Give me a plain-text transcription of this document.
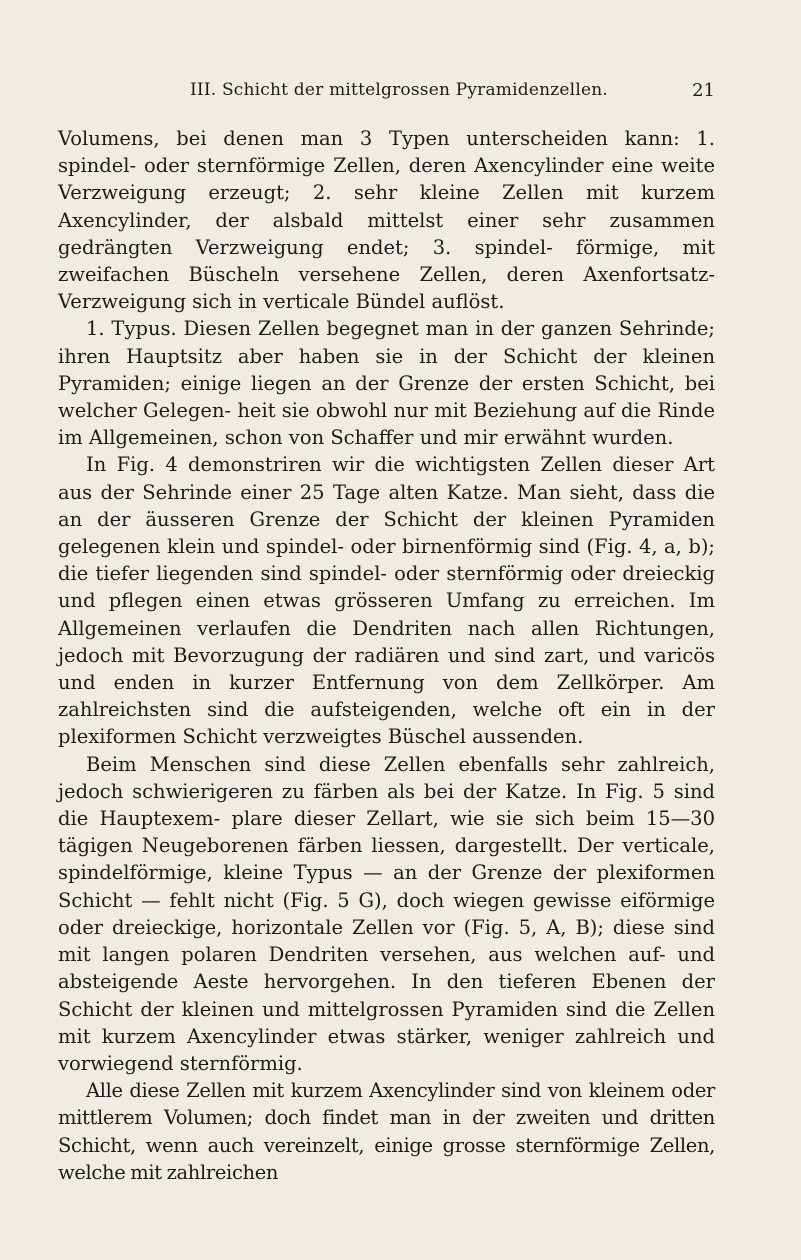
III. Schicht der mittelgrossen Pyramidenzellen.	21

Volumens, bei denen man 3 Typen unterscheiden kann: 1. spindel- oder sternförmige Zellen, deren Axencylinder eine weite Verzweigung erzeugt; 2. sehr kleine Zellen mit kurzem Axencylinder, der alsbald mittelst einer sehr zusammen gedrängten Verzweigung endet; 3. spindel- förmige, mit zweifachen Büscheln versehene Zellen, deren Axenfortsatz- Verzweigung sich in verticale Bündel auflöst.

1. Typus. Diesen Zellen begegnet man in der ganzen Sehrinde; ihren Hauptsitz aber haben sie in der Schicht der kleinen Pyramiden; einige liegen an der Grenze der ersten Schicht, bei welcher Gelegen- heit sie obwohl nur mit Beziehung auf die Rinde im Allgemeinen, schon von Schaffer und mir erwähnt wurden.

In Fig. 4 demonstriren wir die wichtigsten Zellen dieser Art aus der Sehrinde einer 25 Tage alten Katze. Man sieht, dass die an der äusseren Grenze der Schicht der kleinen Pyramiden gelegenen klein und spindel- oder birnenförmig sind (Fig. 4, a, b); die tiefer liegenden sind spindel- oder sternförmig oder dreieckig und pflegen einen etwas grösseren Umfang zu erreichen. Im Allgemeinen verlaufen die Dendriten nach allen Richtungen, jedoch mit Bevorzugung der radiären und sind zart, und varicös und enden in kurzer Entfernung von dem Zellkörper. Am zahlreichsten sind die aufsteigenden, welche oft ein in der plexiformen Schicht verzweigtes Büschel aussenden.

Beim Menschen sind diese Zellen ebenfalls sehr zahlreich, jedoch schwierigeren zu färben als bei der Katze. In Fig. 5 sind die Hauptexem- plare dieser Zellart, wie sie sich beim 15—30 tägigen Neugeborenen färben liessen, dargestellt. Der verticale, spindelförmige, kleine Typus — an der Grenze der plexiformen Schicht — fehlt nicht (Fig. 5 G), doch wiegen gewisse eiförmige oder dreieckige, horizontale Zellen vor (Fig. 5, A, B); diese sind mit langen polaren Dendriten versehen, aus welchen auf- und absteigende Aeste hervorgehen. In den tieferen Ebenen der Schicht der kleinen und mittelgrossen Pyramiden sind die Zellen mit kurzem Axencylinder etwas stärker, weniger zahlreich und vorwiegend sternförmig.

Alle diese Zellen mit kurzem Axencylinder sind von kleinem oder mittlerem Volumen; doch findet man in der zweiten und dritten Schicht, wenn auch vereinzelt, einige grosse sternförmige Zellen, welche mit zahlreichen
